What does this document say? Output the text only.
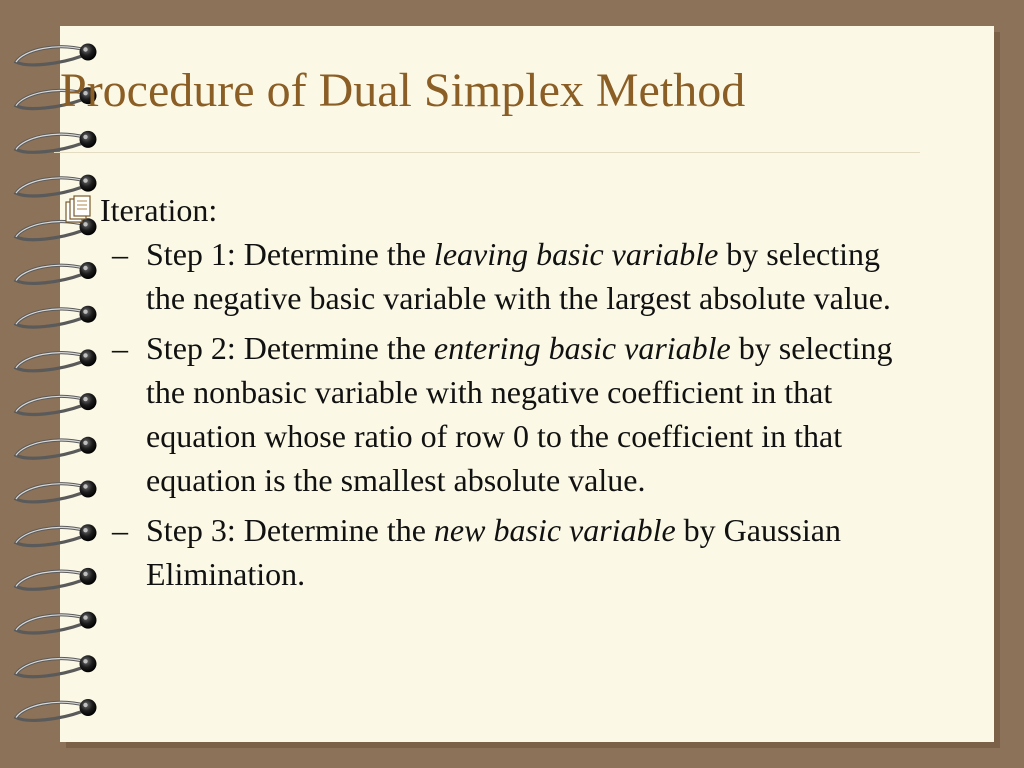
Procedure of Dual Simplex Method
Iteration:
– Step 1: Determine the leaving basic variable by selecting the negative basic variable with the largest absolute value.
– Step 2: Determine the entering basic variable by selecting the nonbasic variable with negative coefficient in that equation whose ratio of row 0 to the coefficient in that equation is the smallest absolute value.
– Step 3: Determine the new basic variable by Gaussian Elimination.
